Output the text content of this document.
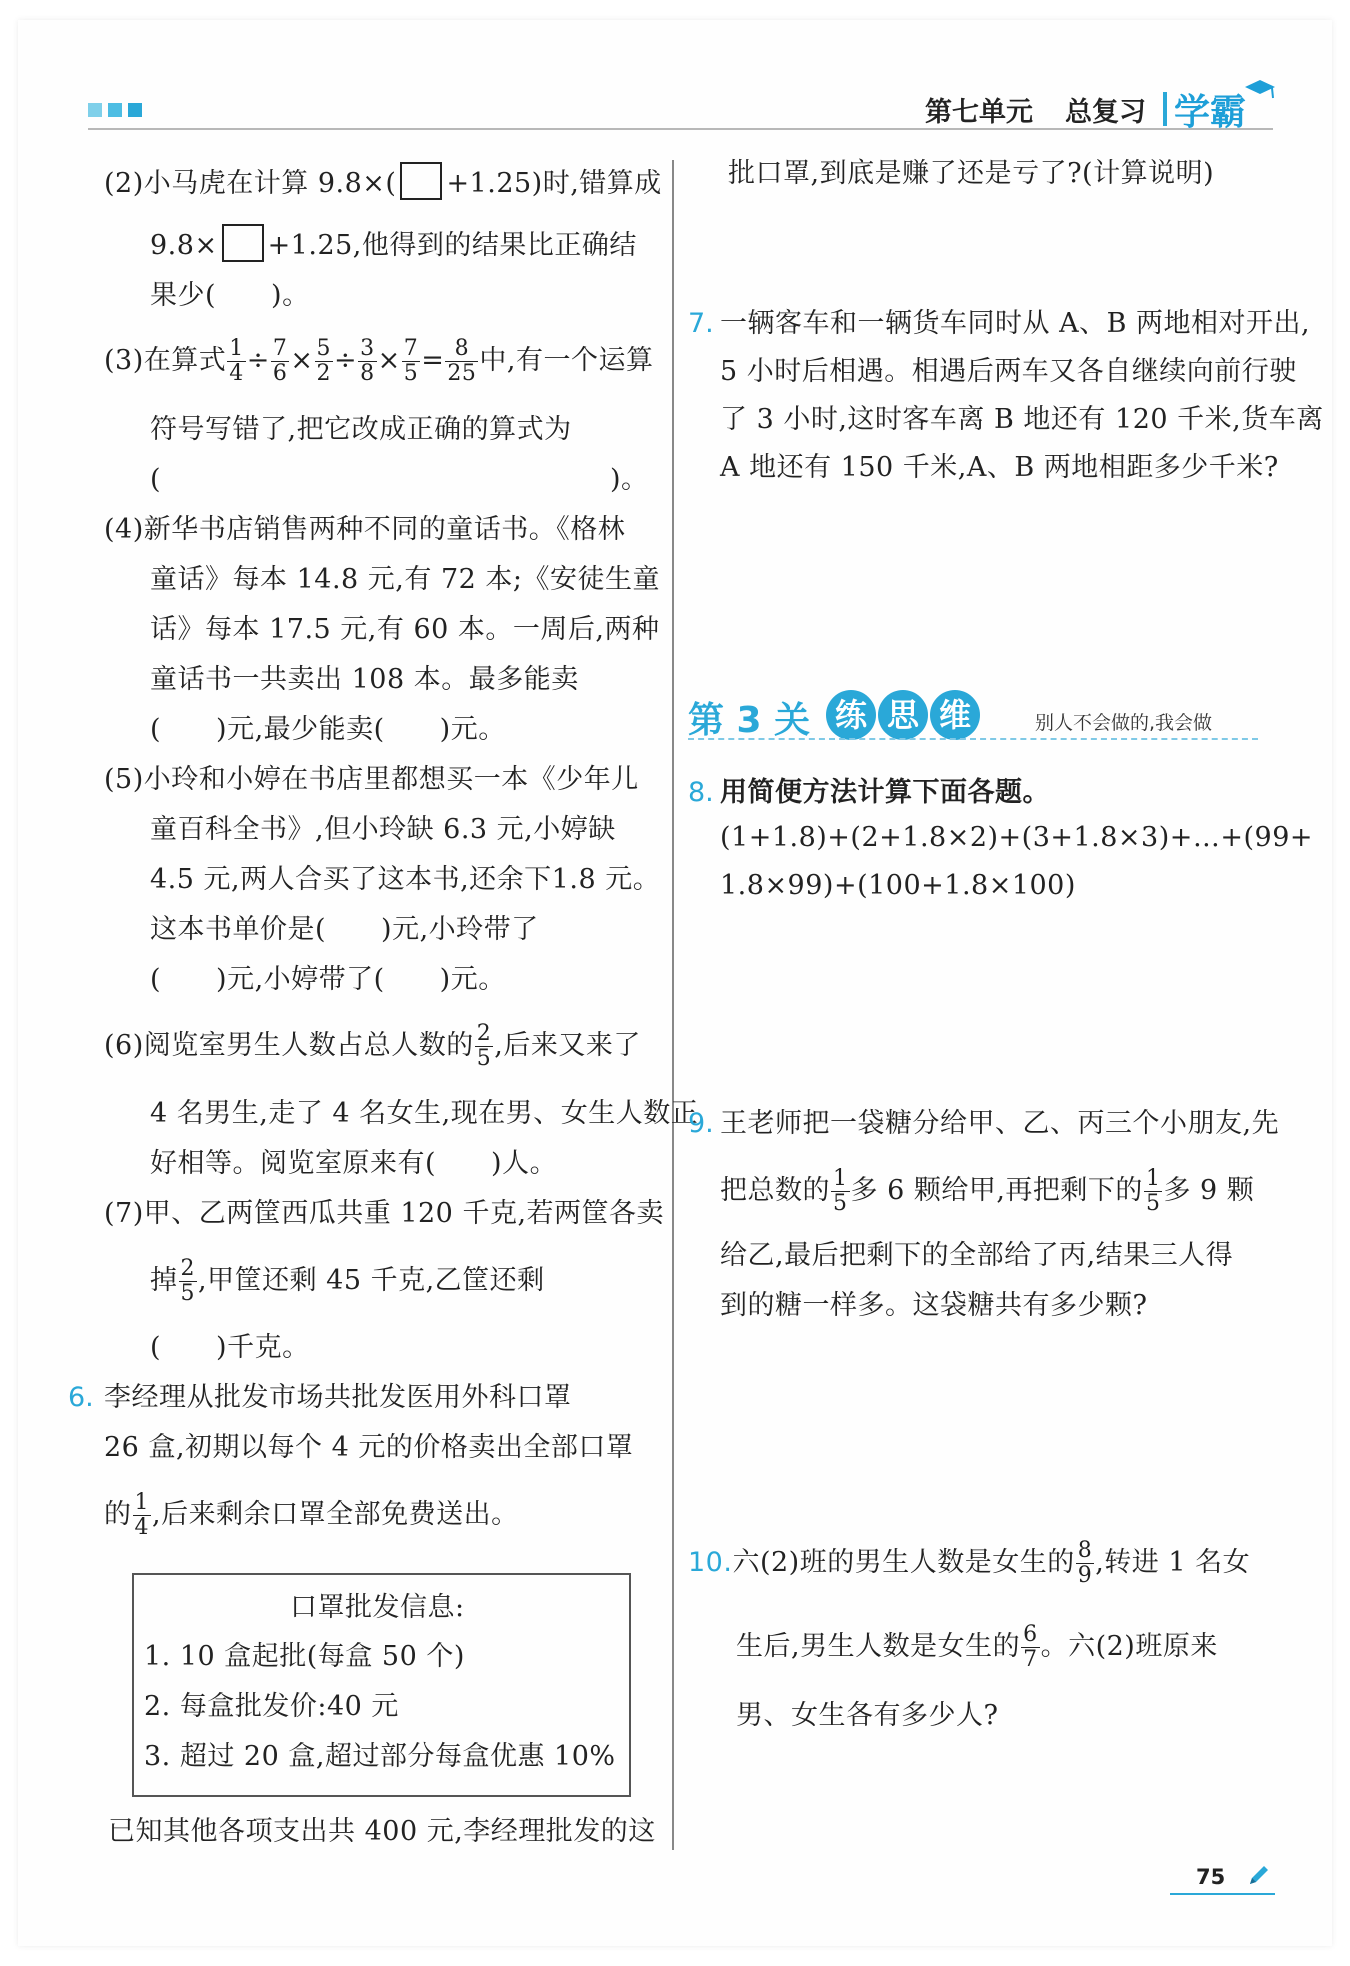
第七单元 总复习 学霸
(2)小马虎在计算 9.8×( +1.25)时,错算成
9.8× +1.25,他得到的结果比正确结
果少(　　)。
(3)在算式 $\frac{1}{4} \div \frac{7}{6} \times \frac{5}{2} \div \frac{3}{8} \times \frac{7}{5} = \frac{8}{25}$ 中,有一个运算
符号写错了,把它改成正确的算式为
(	)。
(4)新华书店销售两种不同的童话书。《格林
童话》每本 14.8 元,有 72 本;《安徒生童
话》每本 17.5 元,有 60 本。一周后,两种
童话书一共卖出 108 本。最多能卖
(　　)元,最少能卖(　　)元。
(5)小玲和小婷在书店里都想买一本《少年儿
童百科全书》,但小玲缺 6.3 元,小婷缺
4.5 元,两人合买了这本书,还余下1.8 元。
这本书单价是(　　)元,小玲带了
(　　)元,小婷带了(　　)元。
(6)阅览室男生人数占总人数的 $\frac{2}{5}$ ,后来又来了
4 名男生,走了 4 名女生,现在男、女生人数正
好相等。阅览室原来有(　　)人。
(7)甲、乙两筐西瓜共重 120 千克,若两筐各卖
掉 $\frac{2}{5}$ ,甲筐还剩 45 千克,乙筐还剩
(　　)千克。
6. 李经理从批发市场共批发医用外科口罩
26 盒,初期以每个 4 元的价格卖出全部口罩
的 $\frac{1}{4}$ ,后来剩余口罩全部免费送出。
口罩批发信息:
1. 10 盒起批(每盒 50 个)
2. 每盒批发价:40 元
3. 超过 20 盒,超过部分每盒优惠 10%
已知其他各项支出共 400 元,李经理批发的这
批口罩,到底是赚了还是亏了?(计算说明)
7. 一辆客车和一辆货车同时从 A、B 两地相对开出,
5 小时后相遇。相遇后两车又各自继续向前行驶
了 3 小时,这时客车离 B 地还有 120 千米,货车离
A 地还有 150 千米,A、B 两地相距多少千米?
第 3 关 练 思 维	别人不会做的,我会做
8. 用简便方法计算下面各题。
(1+1.8)+(2+1.8×2)+(3+1.8×3)+…+(99+
1.8×99)+(100+1.8×100)
9. 王老师把一袋糖分给甲、乙、丙三个小朋友,先
把总数的 $\frac{1}{5}$ 多 6 颗给甲,再把剩下的 $\frac{1}{5}$ 多 9 颗
给乙,最后把剩下的全部给了丙,结果三人得
到的糖一样多。这袋糖共有多少颗?
10.六(2)班的男生人数是女生的 $\frac{8}{9}$ ,转进 1 名女
生后,男生人数是女生的 $\frac{6}{7}$ 。六(2)班原来
男、女生各有多少人?
75
